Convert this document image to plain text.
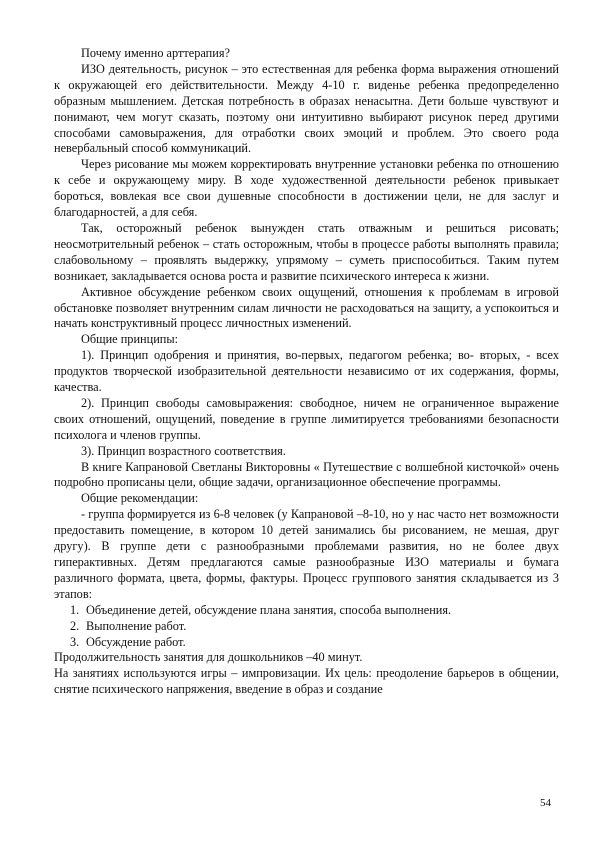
Почему именно арттерапия?

ИЗО деятельность, рисунок – это естественная для ребенка форма выражения отношений к окружающей его действительности. Между 4-10 г. виденье ребенка предопределенно образным мышлением. Детская потребность в образах ненасытна. Дети больше чувствуют и понимают, чем могут сказать, поэтому они интуитивно выбирают рисунок перед другими способами самовыражения, для отработки своих эмоций и проблем. Это своего рода невербальный способ коммуникаций.

Через рисование мы можем корректировать внутренние установки ребенка по отношению к себе и окружающему миру. В ходе художественной деятельности ребенок привыкает бороться, вовлекая все свои душевные способности в достижении цели, не для заслуг и благодарностей, а для себя.

Так, осторожный ребенок вынужден стать отважным и решиться рисовать; неосмотрительный ребенок – стать осторожным, чтобы в процессе работы выполнять правила; слабовольному – проявлять выдержку, упрямому – суметь приспособиться. Таким путем возникает, закладывается основа роста и развитие психического интереса к жизни.

Активное обсуждение ребенком своих ощущений, отношения к проблемам в игровой обстановке позволяет внутренним силам личности не расходоваться на защиту, а успокоиться и начать конструктивный процесс личностных изменений.

Общие принципы:

1). Принцип одобрения и принятия, во-первых, педагогом ребенка; во- вторых, - всех продуктов творческой изобразительной деятельности независимо от их содержания, формы, качества.

2). Принцип свободы самовыражения: свободное, ничем не ограниченное выражение своих отношений, ощущений, поведение в группе лимитируется требованиями безопасности психолога и членов группы.

3). Принцип возрастного соответствия.

В книге Капрановой Светланы Викторовны « Путешествие с волшебной кисточкой» очень подробно прописаны цели, общие задачи, организационное обеспечение программы.

Общие рекомендации:

- группа формируется из 6-8 человек (у Капрановой –8-10, но у нас часто нет возможности предоставить помещение, в котором 10 детей занимались бы рисованием, не мешая, друг другу). В группе дети с разнообразными проблемами развития, но не более двух гиперактивных. Детям предлагаются самые разнообразные ИЗО материалы и бумага различного формата, цвета, формы, фактуры. Процесс группового занятия складывается из 3 этапов:

1. Объединение детей, обсуждение плана занятия, способа выполнения.
2. Выполнение работ.
3. Обсуждение работ.

Продолжительность занятия для дошкольников –40 минут.

На занятиях используются игры – импровизации. Их цель: преодоление барьеров в общении, снятие психического напряжения, введение в образ и создание

54
